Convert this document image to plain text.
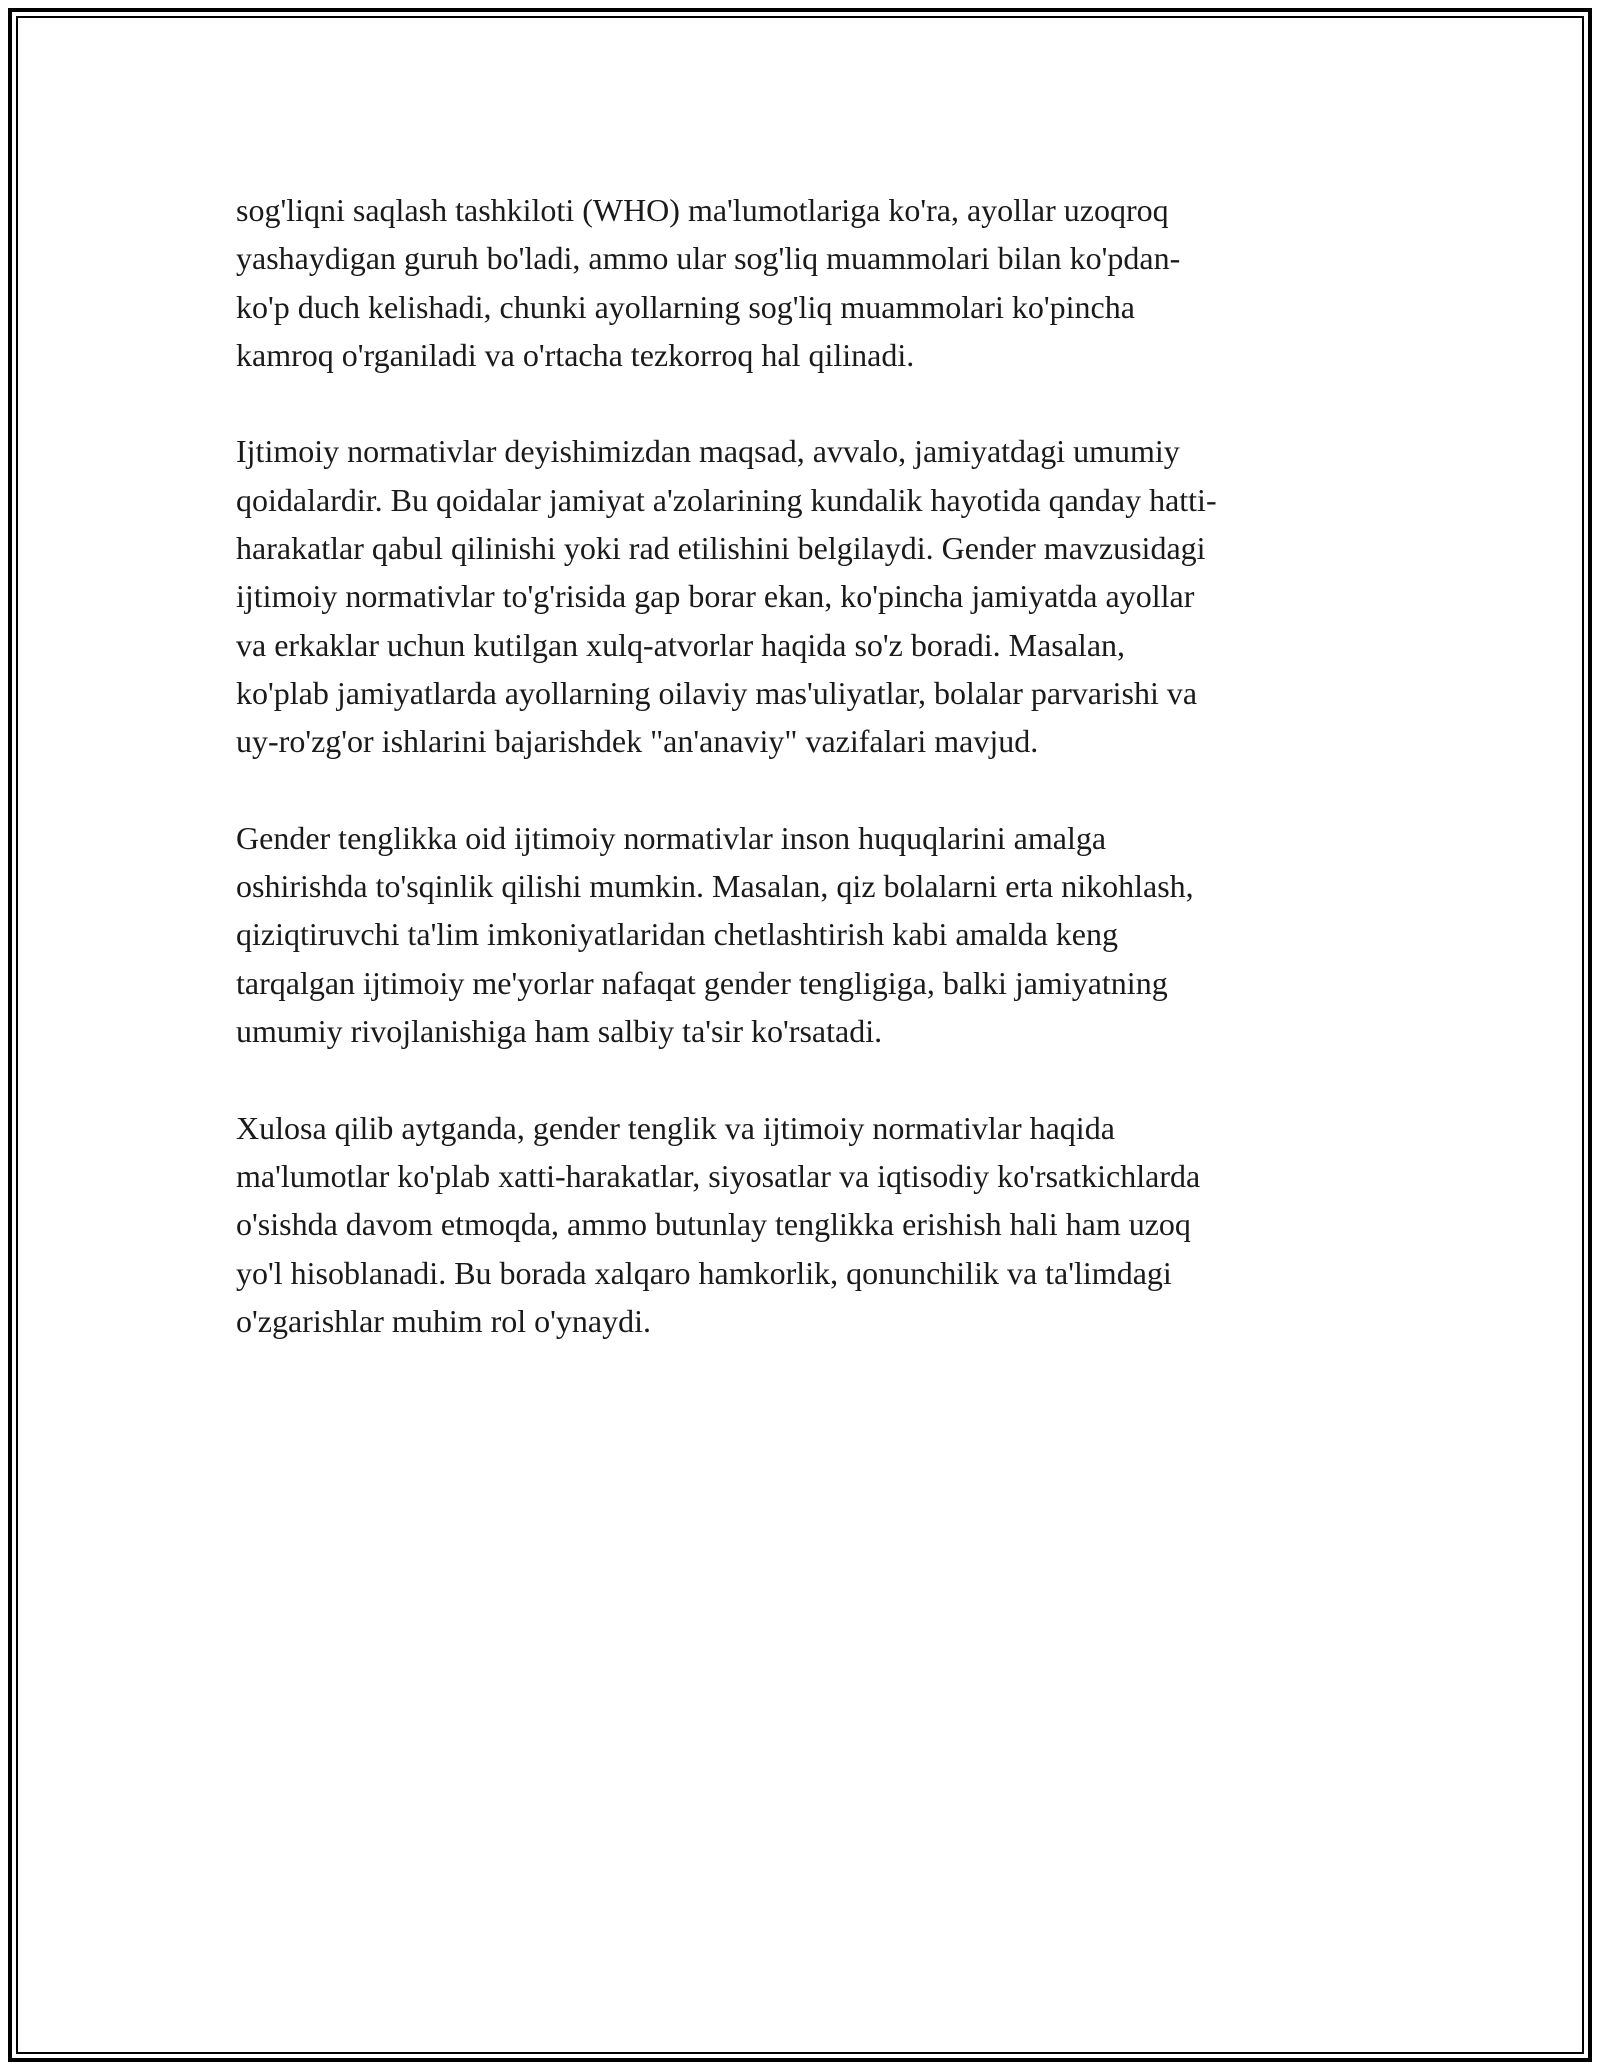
sog'liqni saqlash tashkiloti (WHO) ma'lumotlariga ko'ra, ayollar uzoqroq
yashaydigan guruh bo'ladi, ammo ular sog'liq muammolari bilan ko'pdan-
ko'p duch kelishadi, chunki ayollarning sog'liq muammolari ko'pincha
kamroq o'rganiladi va o'rtacha tezkorroq hal qilinadi.

Ijtimoiy normativlar deyishimizdan maqsad, avvalo, jamiyatdagi umumiy
qoidalardir. Bu qoidalar jamiyat a'zolarining kundalik hayotida qanday hatti-
harakatlar qabul qilinishi yoki rad etilishini belgilaydi. Gender mavzusidagi
ijtimoiy normativlar to'g'risida gap borar ekan, ko'pincha jamiyatda ayollar
va erkaklar uchun kutilgan xulq-atvorlar haqida so'z boradi. Masalan,
ko'plab jamiyatlarda ayollarning oilaviy mas'uliyatlar, bolalar parvarishi va
uy-ro'zg'or ishlarini bajarishdek "an'anaviy" vazifalari mavjud.

Gender tenglikka oid ijtimoiy normativlar inson huquqlarini amalga
oshirishda to'sqinlik qilishi mumkin. Masalan, qiz bolalarni erta nikohlash,
qiziqtiruvchi ta'lim imkoniyatlaridan chetlashtirish kabi amalda keng
tarqalgan ijtimoiy me'yorlar nafaqat gender tengligiga, balki jamiyatning
umumiy rivojlanishiga ham salbiy ta'sir ko'rsatadi.

Xulosa qilib aytganda, gender tenglik va ijtimoiy normativlar haqida
ma'lumotlar ko'plab xatti-harakatlar, siyosatlar va iqtisodiy ko'rsatkichlarda
o'sishda davom etmoqda, ammo butunlay tenglikka erishish hali ham uzoq
yo'l hisoblanadi. Bu borada xalqaro hamkorlik, qonunchilik va ta'limdagi
o'zgarishlar muhim rol o'ynaydi.
